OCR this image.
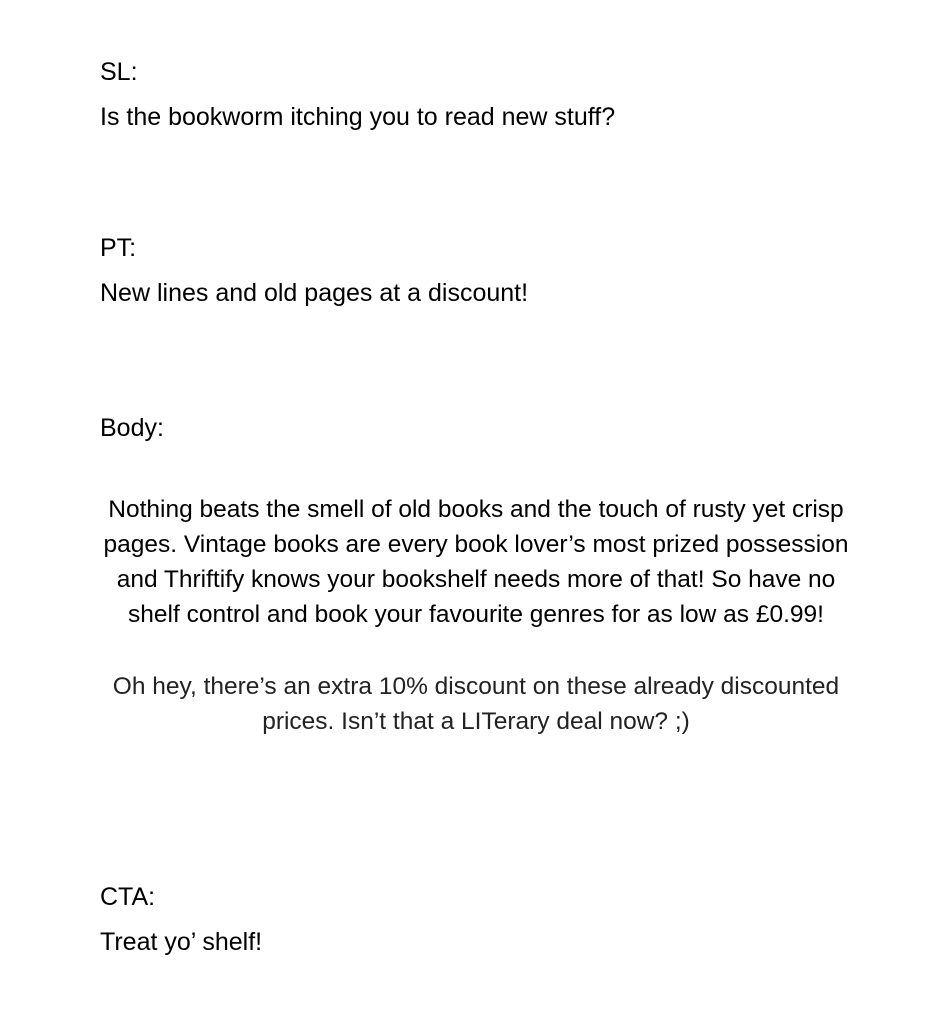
SL:

Is the bookworm itching you to read new stuff?

PT:

New lines and old pages at a discount!

Body:

Nothing beats the smell of old books and the touch of rusty yet crisp pages. Vintage books are every book lover’s most prized possession and Thriftify knows your bookshelf needs more of that! So have no shelf control and book your favourite genres for as low as £0.99!

Oh hey, there’s an extra 10% discount on these already discounted prices. Isn’t that a LITerary deal now? ;)

CTA:

Treat yo’ shelf!
